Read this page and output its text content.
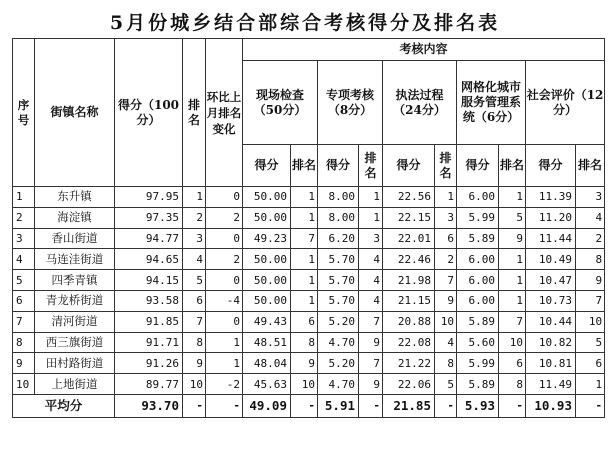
5月份城乡结合部综合考核得分及排名表
序号	街镇名称	得分（100分）	排名	环比上月排名变化	考核内容									
					现场检查（50分）		专项考核（8分）		执法过程（24分）		网格化城市服务管理系统（6分）		社会评价（12分）	
					得分	排名	得分	排名	得分	排名	得分	排名	得分	排名
1	东升镇	97.95	1	0	50.00	1	8.00	1	22.56	1	6.00	1	11.39	3
2	海淀镇	97.35	2	2	50.00	1	8.00	1	22.15	3	5.99	5	11.20	4
3	香山街道	94.77	3	0	49.23	7	6.20	3	22.01	6	5.89	9	11.44	2
4	马连洼街道	94.65	4	2	50.00	1	5.70	4	22.46	2	6.00	1	10.49	8
5	四季青镇	94.15	5	0	50.00	1	5.70	4	21.98	7	6.00	1	10.47	9
6	青龙桥街道	93.58	6	-4	50.00	1	5.70	4	21.15	9	6.00	1	10.73	7
7	清河街道	91.85	7	0	49.43	6	5.20	7	20.88	10	5.89	7	10.44	10
8	西三旗街道	91.71	8	1	48.51	8	4.70	9	22.08	4	5.60	10	10.82	5
9	田村路街道	91.26	9	1	48.04	9	5.20	7	21.22	8	5.99	6	10.81	6
10	上地街道	89.77	10	-2	45.63	10	4.70	9	22.06	5	5.89	8	11.49	1
平均分		93.70	-	-	49.09	-	5.91	-	21.85	-	5.93	-	10.93	-
